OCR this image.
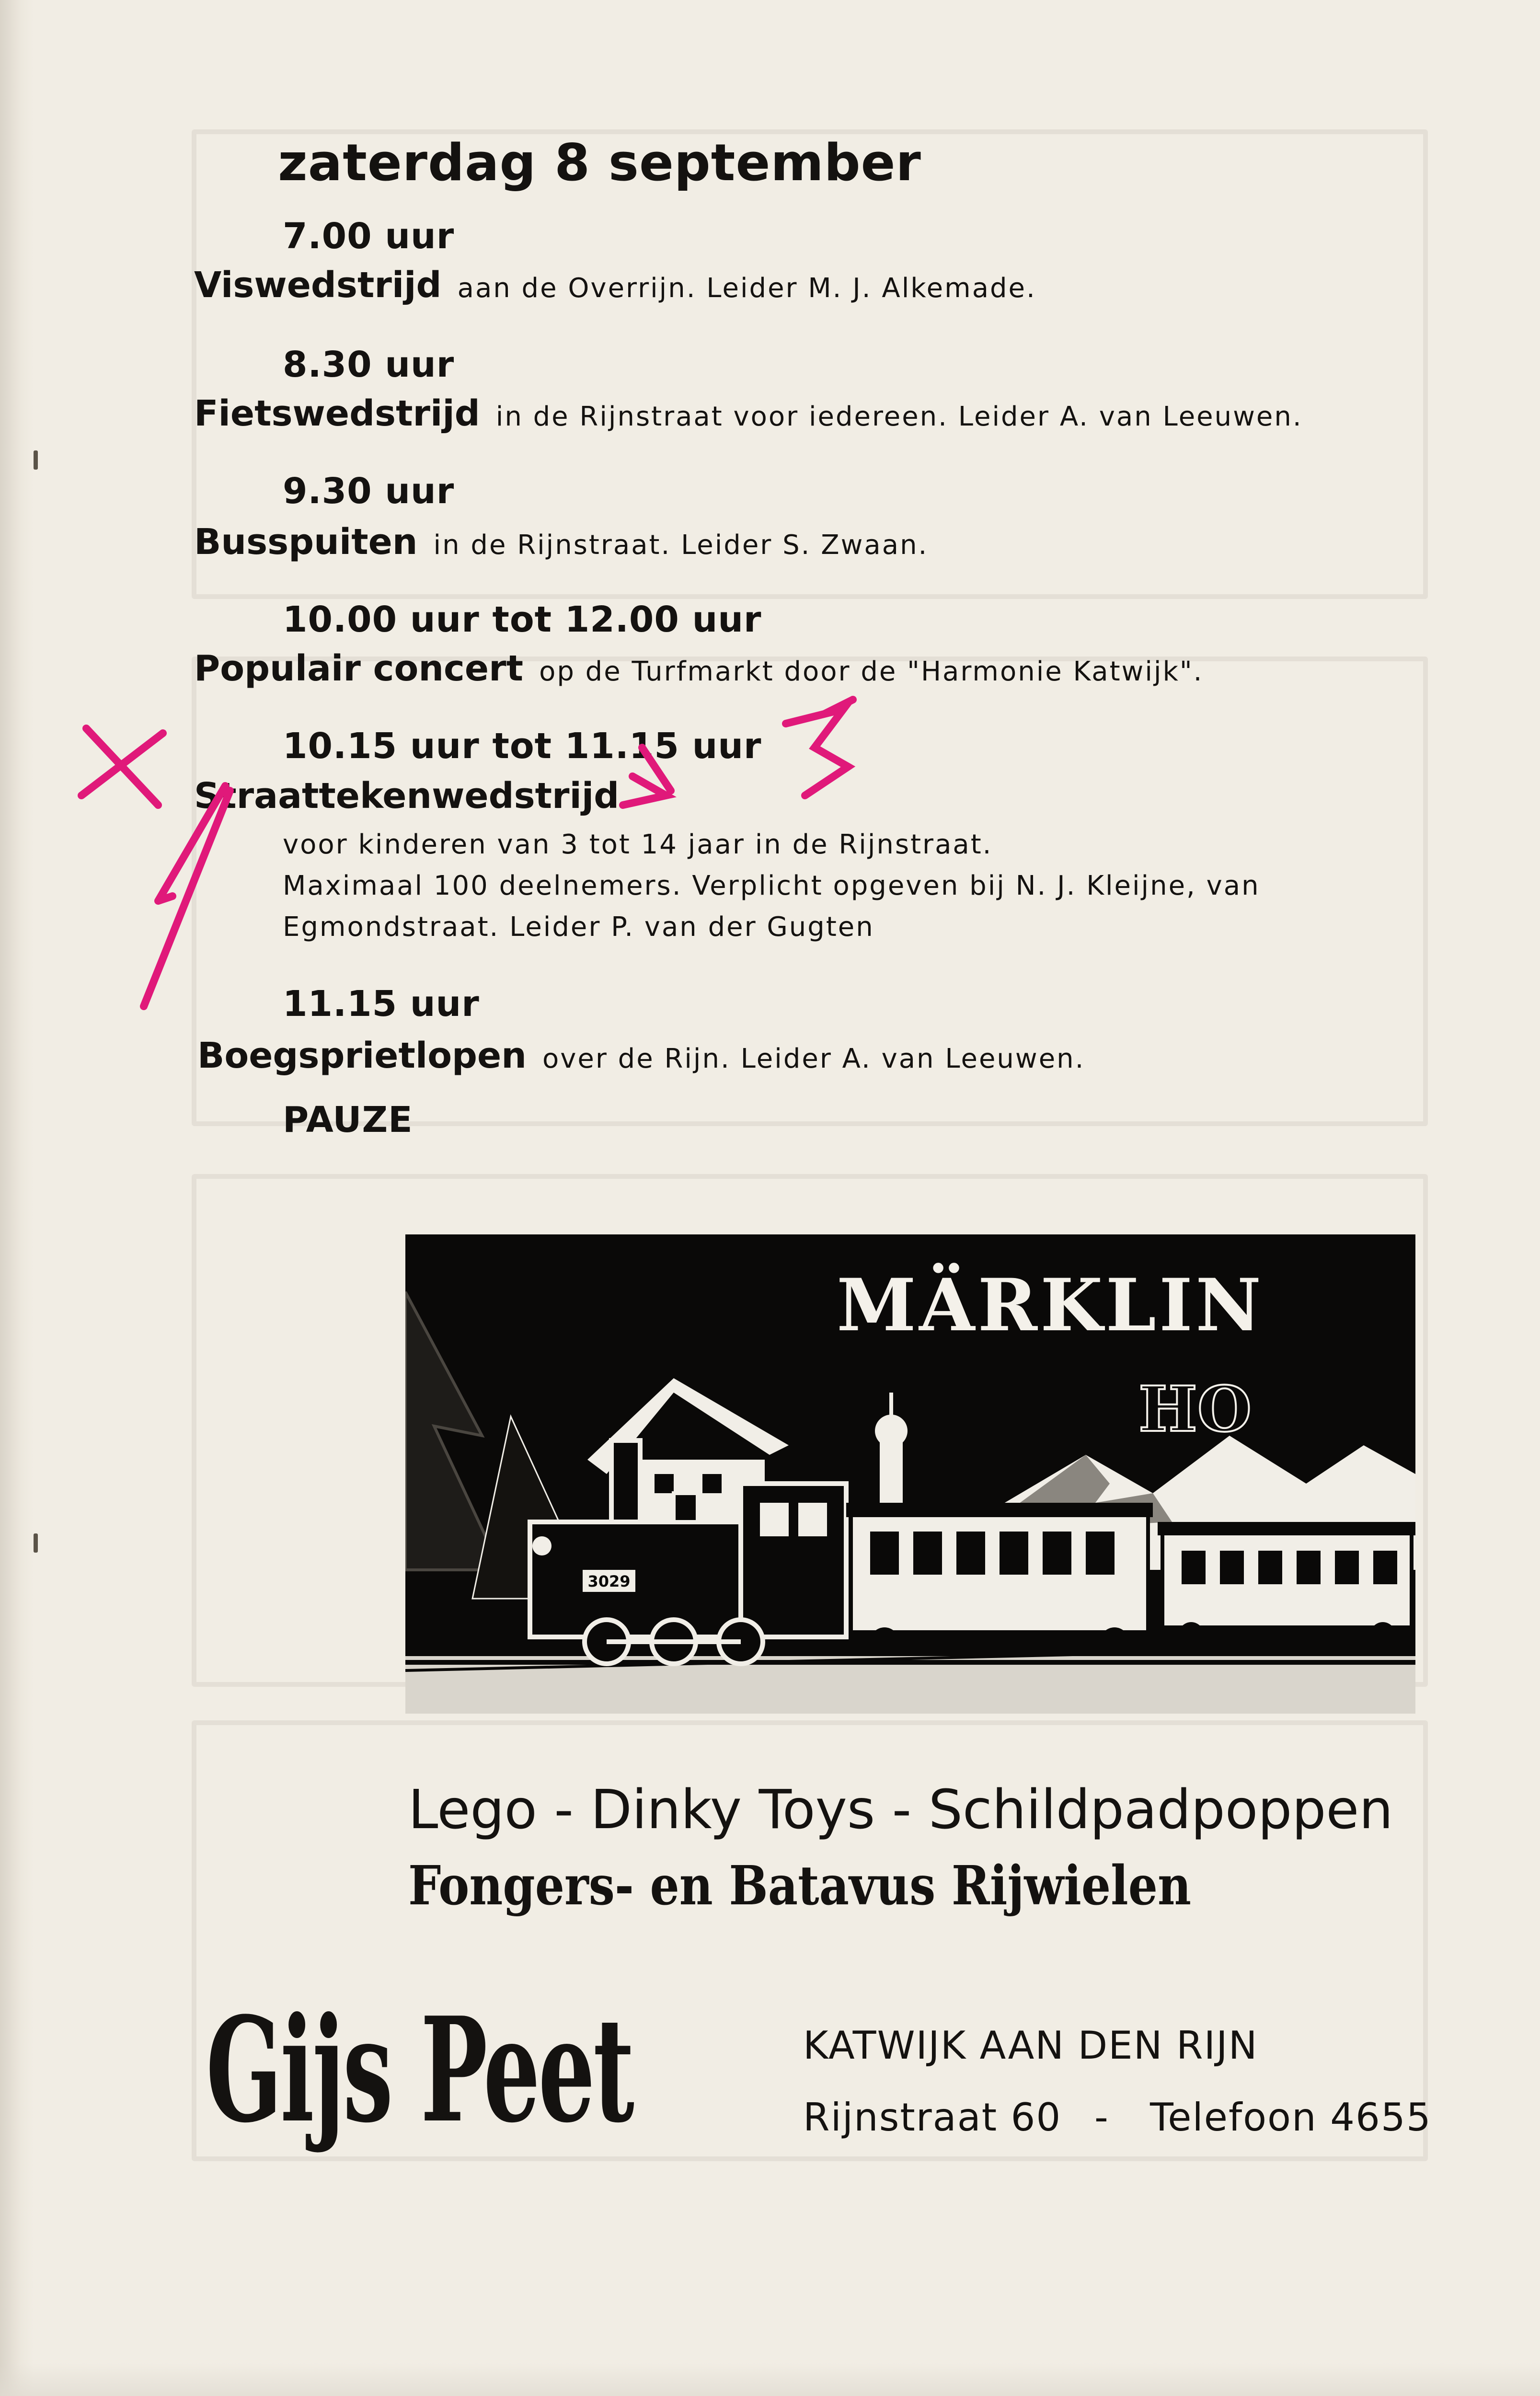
zaterdag 8 september
7.00 uur
Viswedstrijd aan de Overrijn. Leider M. J. Alkemade.
8.30 uur
Fietswedstrijd in de Rijnstraat voor iedereen. Leider A. van Leeuwen.
9.30 uur
Busspuiten in de Rijnstraat. Leider S. Zwaan.
10.00 uur tot 12.00 uur
Populair concert op de Turfmarkt door de "Harmonie Katwijk".
10.15 uur tot 11.15 uur
Straattekenwedstrijd
voor kinderen van 3 tot 14 jaar in de Rijnstraat.
Maximaal 100 deelnemers. Verplicht opgeven bij N. J. Kleijne, van
Egmondstraat. Leider P. van der Gugten
11.15 uur
Boegsprietlopen over de Rijn. Leider A. van Leeuwen.
PAUZE
3029
MÄRKLIN
HO
Lego - Dinky Toys - Schildpadpoppen
Fongers- en Batavus Rijwielen
Gijs Peet	KATWIJK AAN DEN RIJN
Rijnstraat 60 - Telefoon 4655
